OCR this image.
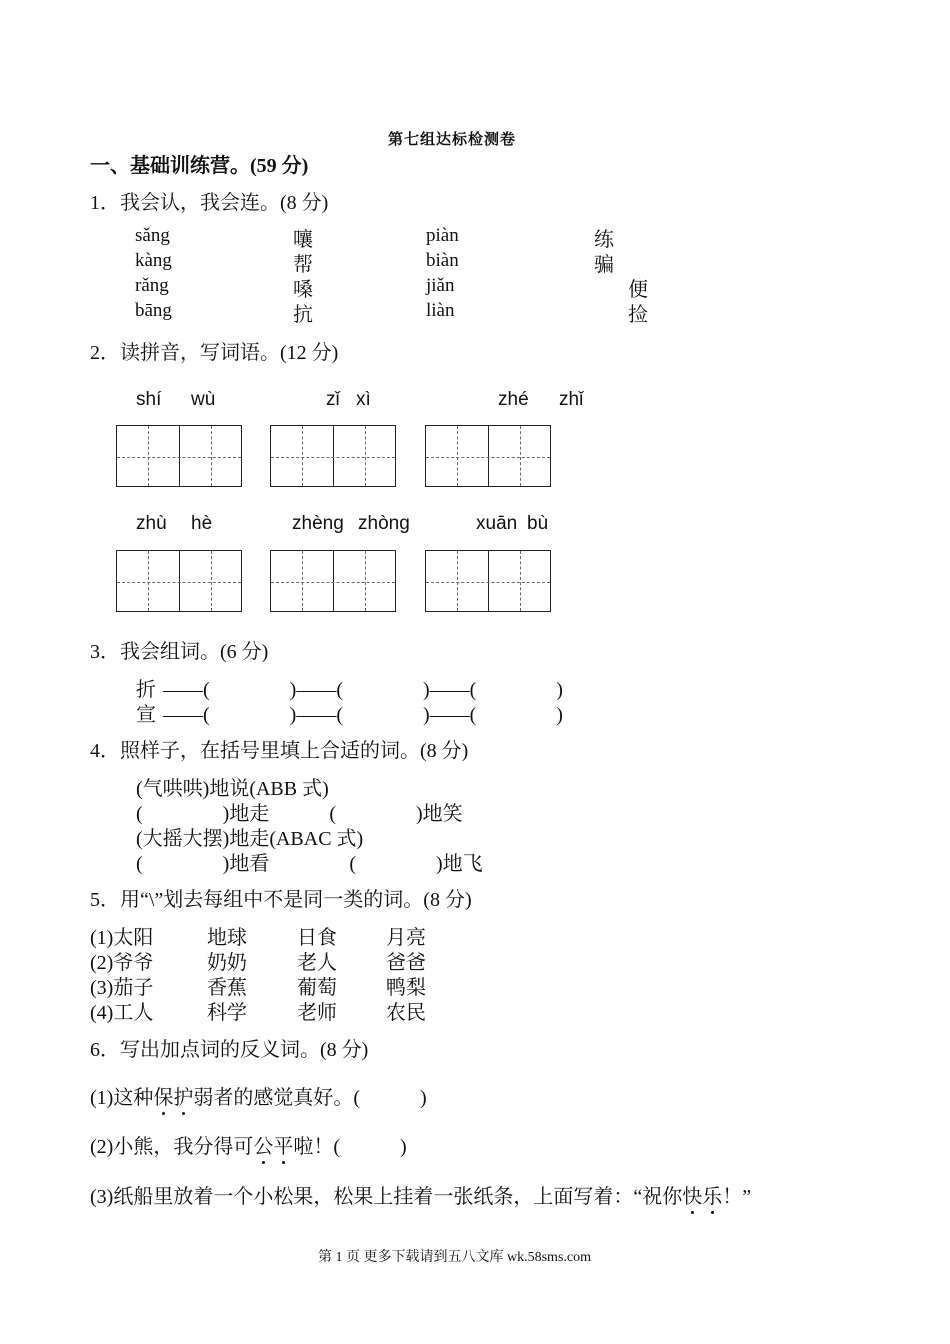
第七组达标检测卷
一、基础训练营。(59 分)
1．我会认，我会连。(8 分)
sǎng	嚷	piàn	练
kàng	帮	biàn	骗
rǎng	嗓	jiǎn	便
bāng	抗	liàn	捡
2．读拼音，写词语。(12 分)
shí wù	zǐ xì	zhé zhǐ
zhù hè	zhèng zhòng	xuān bù
3．我会组词。(6 分)
折 ——(　　　　)——(　　　　)——(　　　　)
宣 ——(　　　　)——(　　　　)——(　　　　)
4．照样子，在括号里填上合适的词。(8 分)
(气哄哄)地说(ABB 式)
(　　　　)地走　　　(　　　　)地笑
(大摇大摆)地走(ABAC 式)
(　　　　)地看　　　　(　　　　)地飞
5．用“\”划去每组中不是同一类的词。(8 分)
(1)太阳	地球	日食 月亮
(2)爷爷	奶奶	老人 爸爸
(3)茄子	香蕉	葡萄 鸭梨
(4)工人	科学	老师 农民
6．写出加点词的反义词。(8 分)
(1)这种保护弱者的感觉真好。(　　　)
(2)小熊，我分得可公平啦！(　　　)
(3)纸船里放着一个小松果，松果上挂着一张纸条，上面写着：“祝你快乐！”
第 1 页 更多下载请到五八文库 wk.58sms.com
